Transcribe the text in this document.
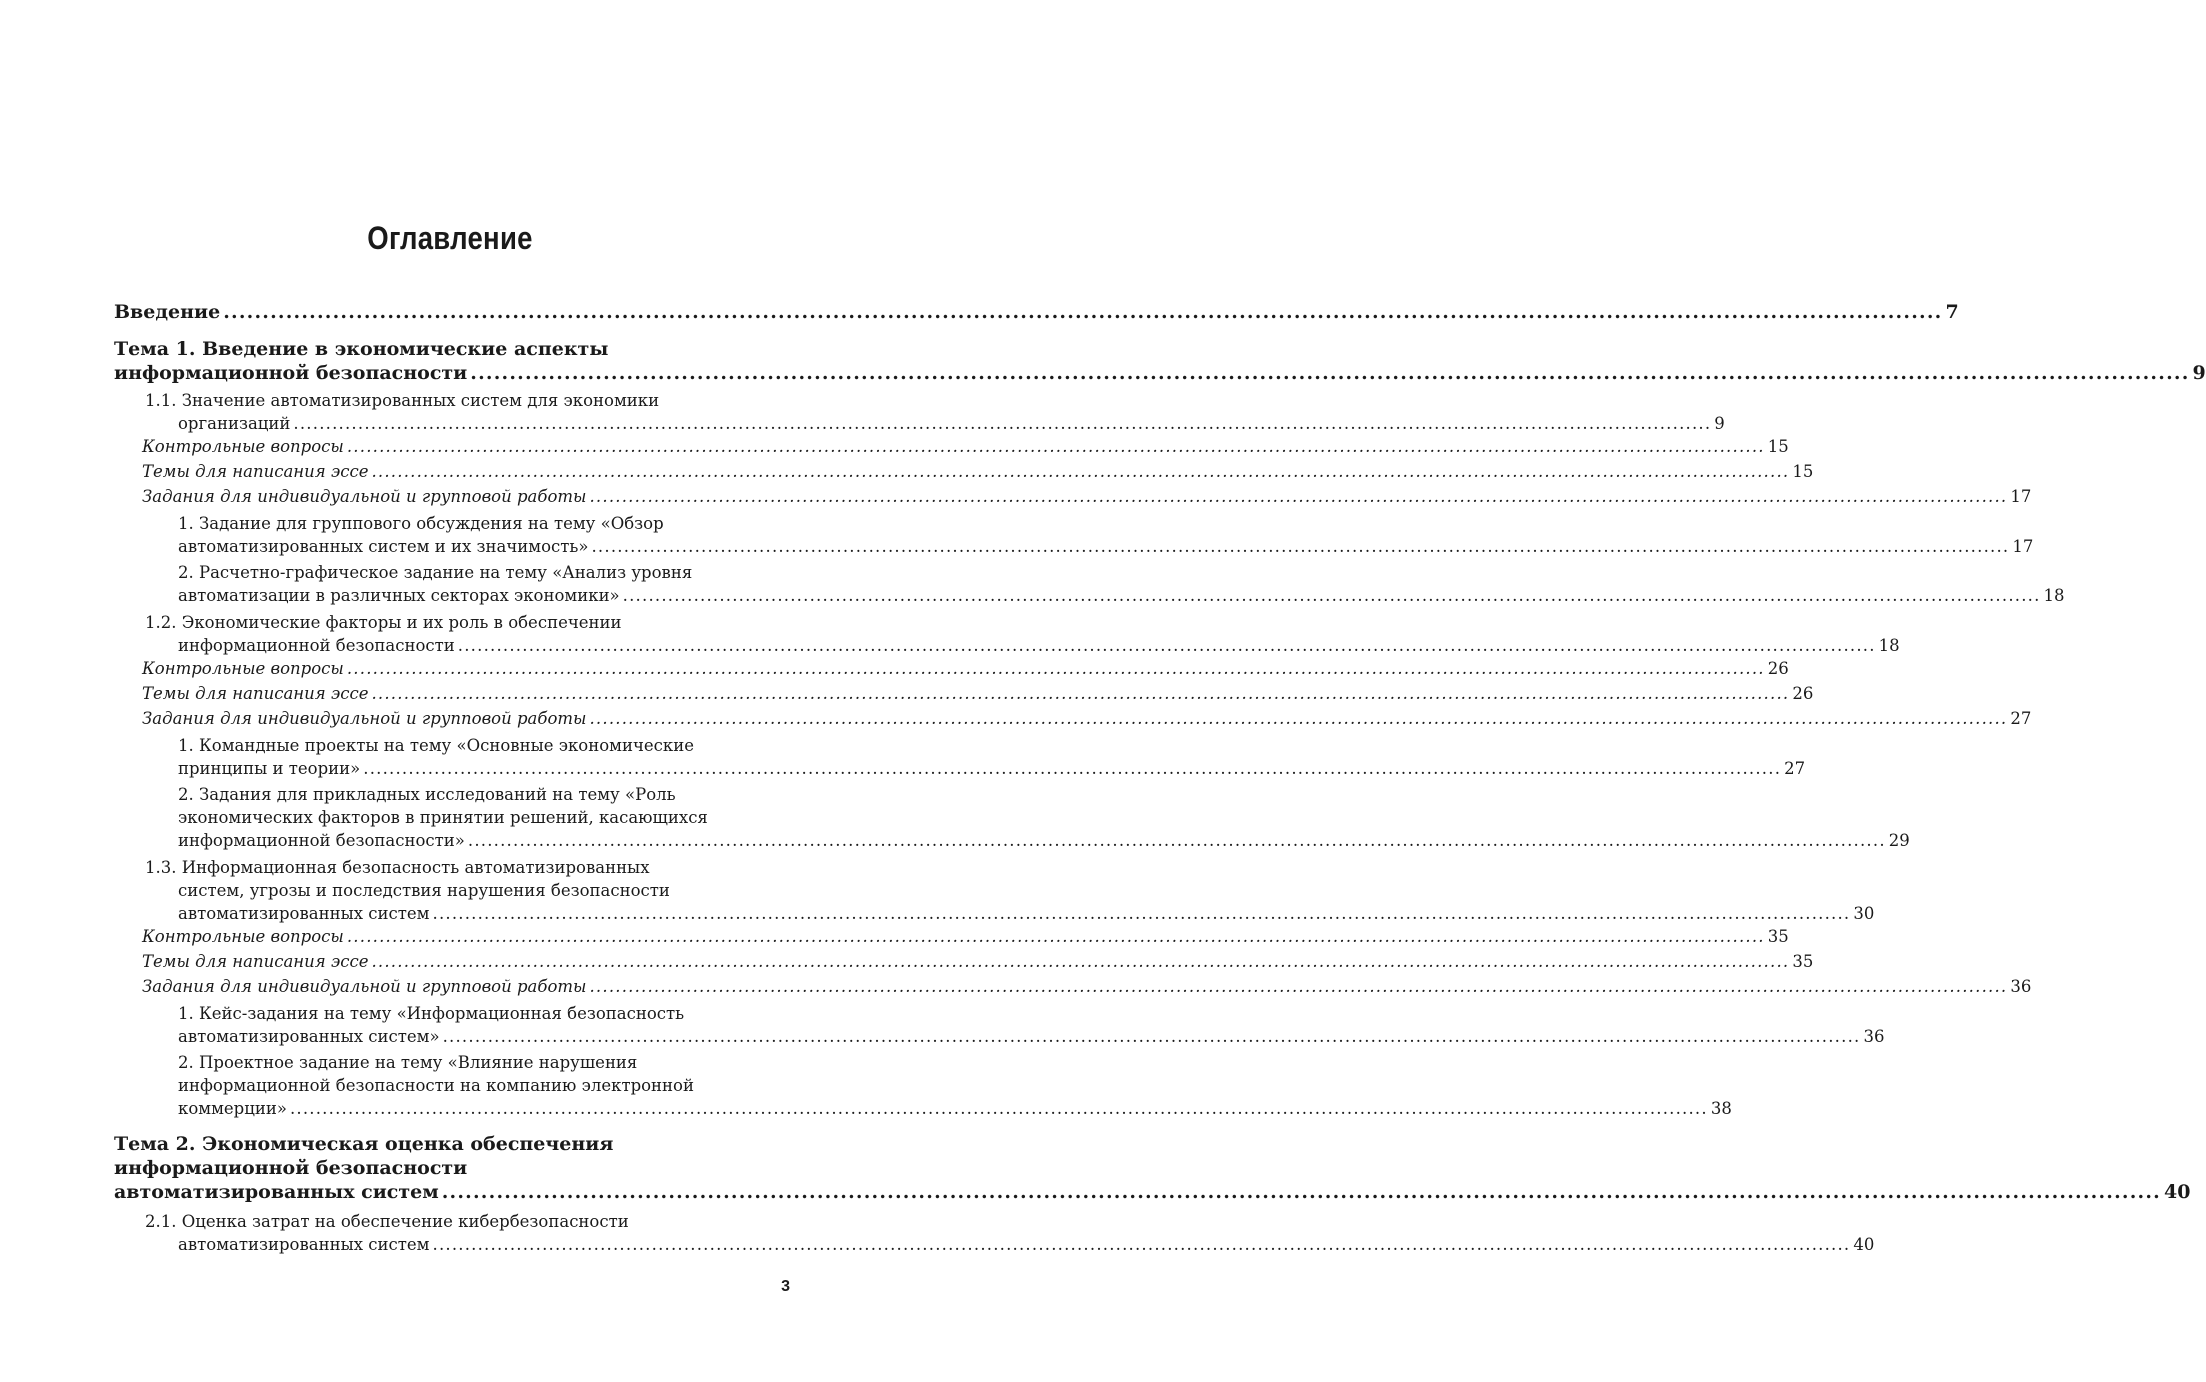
Оглавление
Введение ............................................................................................................................................................................................................................ 7
Тема 1. Введение в экономические аспекты
информационной безопасности ............................................................................................................................................................................................................................ 9
1.1. Значение автоматизированных систем для экономики
организаций ............................................................................................................................................................................................................................ 9
Контрольные вопросы ............................................................................................................................................................................................................................ 15
Темы для написания эссе ............................................................................................................................................................................................................................ 15
Задания для индивидуальной и групповой работы ............................................................................................................................................................................................................................ 17
1. Задание для группового обсуждения на тему «Обзор
автоматизированных систем и их значимость» ............................................................................................................................................................................................................................ 17
2. Расчетно-графическое задание на тему «Анализ уровня
автоматизации в различных секторах экономики» ............................................................................................................................................................................................................................ 18
1.2. Экономические факторы и их роль в обеспечении
информационной безопасности ............................................................................................................................................................................................................................ 18
Контрольные вопросы ............................................................................................................................................................................................................................ 26
Темы для написания эссе ............................................................................................................................................................................................................................ 26
Задания для индивидуальной и групповой работы ............................................................................................................................................................................................................................ 27
1. Командные проекты на тему «Основные экономические
принципы и теории» ............................................................................................................................................................................................................................ 27
2. Задания для прикладных исследований на тему «Роль
экономических факторов в принятии решений, касающихся
информационной безопасности» ............................................................................................................................................................................................................................ 29
1.3. Информационная безопасность автоматизированных
систем, угрозы и последствия нарушения безопасности
автоматизированных систем ............................................................................................................................................................................................................................ 30
Контрольные вопросы ............................................................................................................................................................................................................................ 35
Темы для написания эссе ............................................................................................................................................................................................................................ 35
Задания для индивидуальной и групповой работы ............................................................................................................................................................................................................................ 36
1. Кейс-задания на тему «Информационная безопасность
автоматизированных систем» ............................................................................................................................................................................................................................ 36
2. Проектное задание на тему «Влияние нарушения
информационной безопасности на компанию электронной
коммерции» ............................................................................................................................................................................................................................ 38
Тема 2. Экономическая оценка обеспечения
информационной безопасности
автоматизированных систем ............................................................................................................................................................................................................................ 40
2.1. Оценка затрат на обеспечение кибербезопасности
автоматизированных систем ............................................................................................................................................................................................................................ 40
3
